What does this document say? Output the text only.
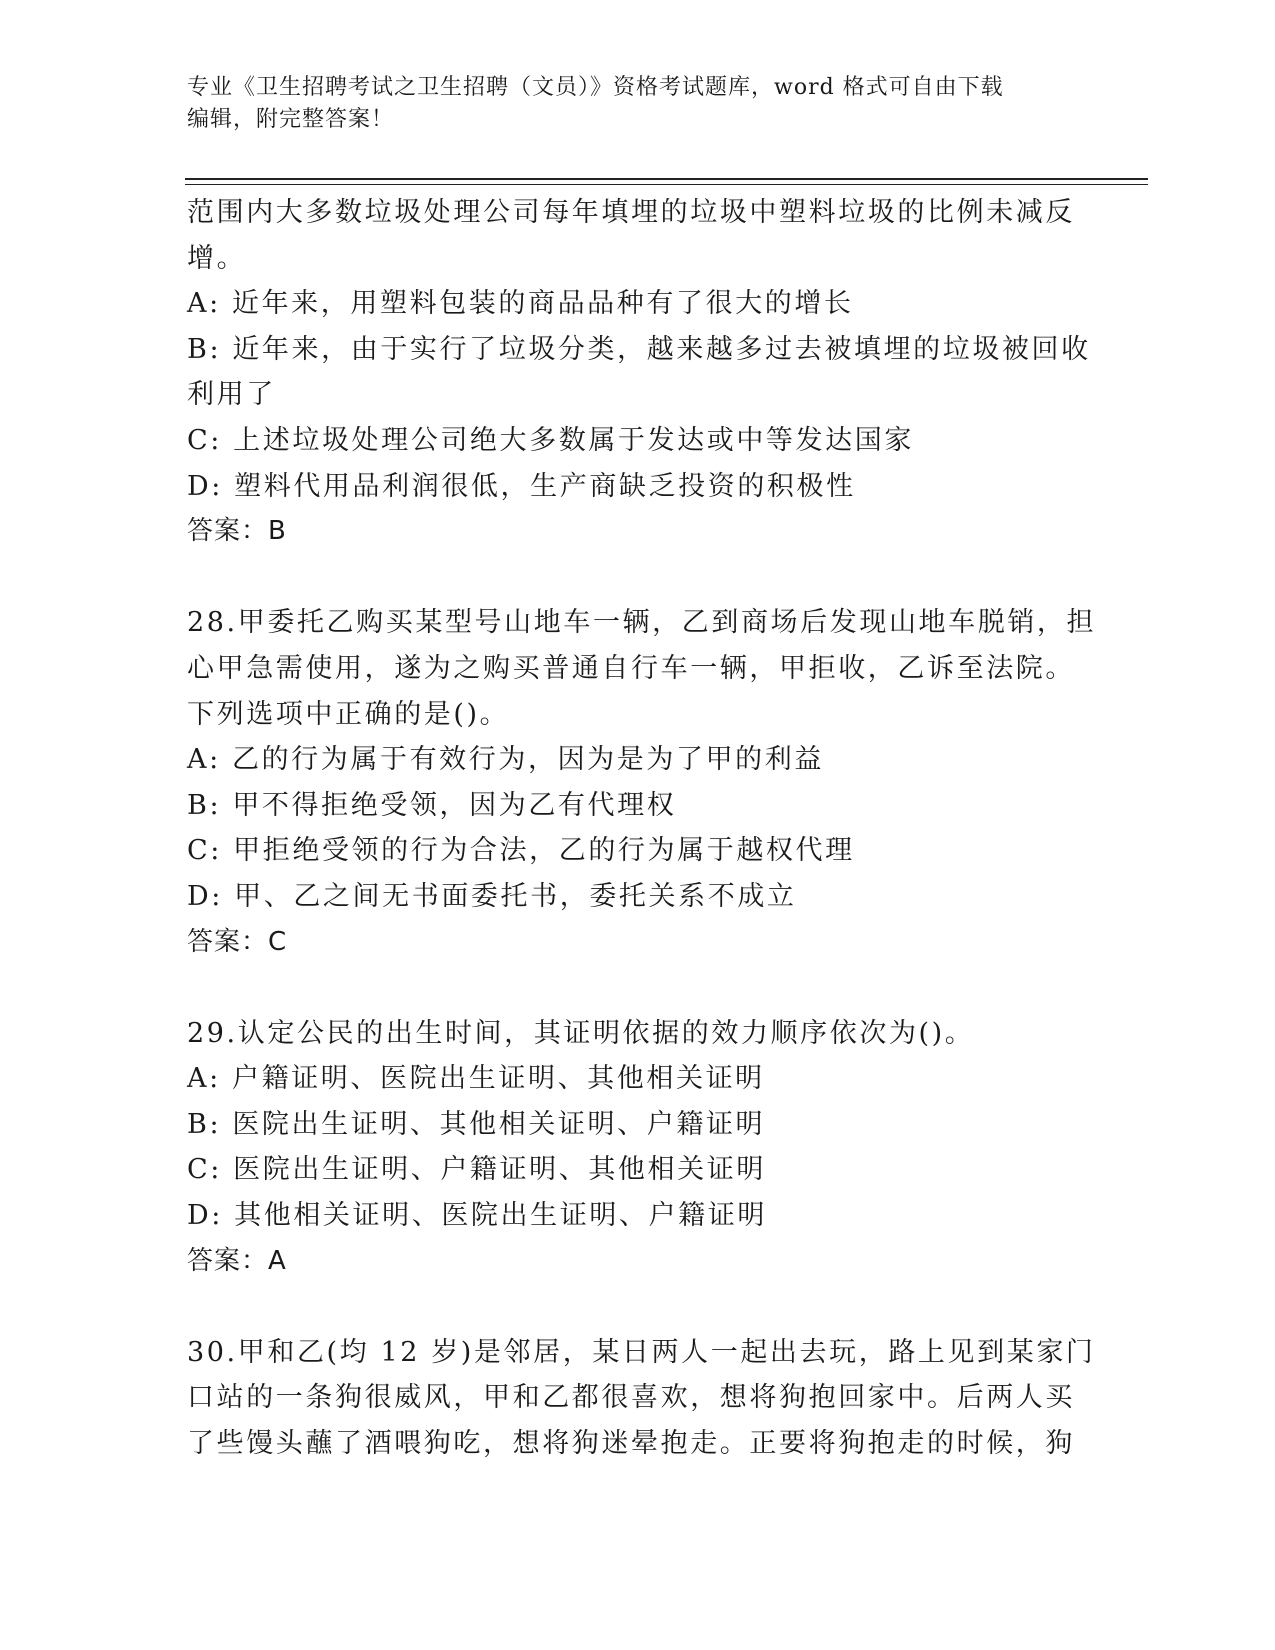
专业《卫生招聘考试之卫生招聘（文员）》资格考试题库，word 格式可自由下载
编辑，附完整答案！
范围内大多数垃圾处理公司每年填埋的垃圾中塑料垃圾的比例未减反
增。
A: 近年来，用塑料包装的商品品种有了很大的增长
B: 近年来，由于实行了垃圾分类，越来越多过去被填埋的垃圾被回收
利用了
C: 上述垃圾处理公司绝大多数属于发达或中等发达国家
D: 塑料代用品利润很低，生产商缺乏投资的积极性
答案：B
28.甲委托乙购买某型号山地车一辆，乙到商场后发现山地车脱销，担
心甲急需使用，遂为之购买普通自行车一辆，甲拒收，乙诉至法院。
下列选项中正确的是()。
A: 乙的行为属于有效行为，因为是为了甲的利益
B: 甲不得拒绝受领，因为乙有代理权
C: 甲拒绝受领的行为合法，乙的行为属于越权代理
D: 甲、乙之间无书面委托书，委托关系不成立
答案：C
29.认定公民的出生时间，其证明依据的效力顺序依次为()。
A: 户籍证明、医院出生证明、其他相关证明
B: 医院出生证明、其他相关证明、户籍证明
C: 医院出生证明、户籍证明、其他相关证明
D: 其他相关证明、医院出生证明、户籍证明
答案：A
30.甲和乙(均 12 岁)是邻居，某日两人一起出去玩，路上见到某家门
口站的一条狗很威风，甲和乙都很喜欢，想将狗抱回家中。后两人买
了些馒头蘸了酒喂狗吃，想将狗迷晕抱走。正要将狗抱走的时候，狗
